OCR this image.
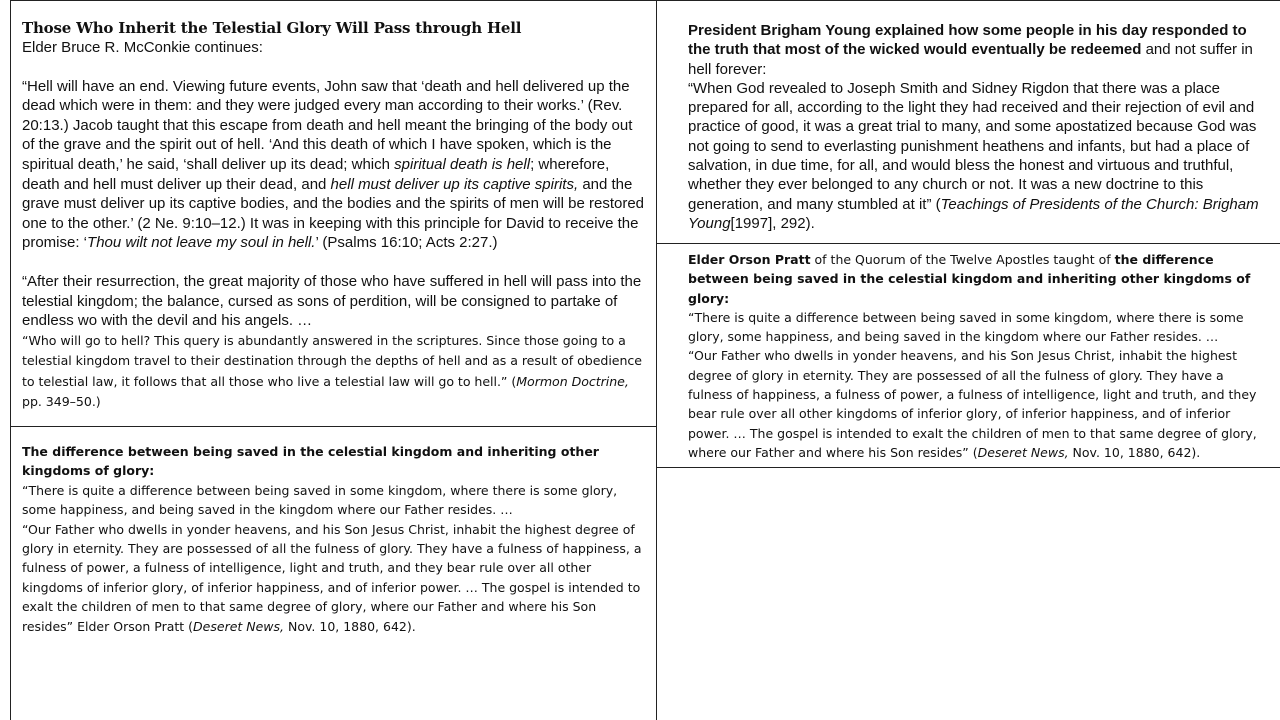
Those Who Inherit the Telestial Glory Will Pass through Hell

Elder Bruce R. McConkie continues:

“Hell will have an end. Viewing future events, John saw that ‘death and hell delivered up the dead which were in them: and they were judged every man according to their works.’ (Rev. 20:13.) Jacob taught that this escape from death and hell meant the bringing of the body out of the grave and the spirit out of hell. ‘And this death of which I have spoken, which is the spiritual death,’ he said, ‘shall deliver up its dead; which spiritual death is hell; wherefore, death and hell must deliver up their dead, and hell must deliver up its captive spirits, and the grave must deliver up its captive bodies, and the bodies and the spirits of men will be restored one to the other.’ (2 Ne. 9:10–12.) It was in keeping with this principle for David to receive the promise: ‘Thou wilt not leave my soul in hell.’ (Psalms 16:10; Acts 2:27.)

“After their resurrection, the great majority of those who have suffered in hell will pass into the telestial kingdom; the balance, cursed as sons of perdition, will be consigned to partake of endless wo with the devil and his angels. …

“Who will go to hell? This query is abundantly answered in the scriptures. Since those going to a telestial kingdom travel to their destination through the depths of hell and as a result of obedience to telestial law, it follows that all those who live a telestial law will go to hell.” (Mormon Doctrine, pp. 349–50.)

The difference between being saved in the celestial kingdom and inheriting other kingdoms of glory:

“There is quite a difference between being saved in some kingdom, where there is some glory, some happiness, and being saved in the kingdom where our Father resides. …

“Our Father who dwells in yonder heavens, and his Son Jesus Christ, inhabit the highest degree of glory in eternity. They are possessed of all the fulness of glory. They have a fulness of happiness, a fulness of power, a fulness of intelligence, light and truth, and they bear rule over all other kingdoms of inferior glory, of inferior happiness, and of inferior power. … The gospel is intended to exalt the children of men to that same degree of glory, where our Father and where his Son resides” Elder Orson Pratt (Deseret News, Nov. 10, 1880, 642).

President Brigham Young explained how some people in his day responded to the truth that most of the wicked would eventually be redeemed and not suffer in hell forever:

“When God revealed to Joseph Smith and Sidney Rigdon that there was a place prepared for all, according to the light they had received and their rejection of evil and practice of good, it was a great trial to many, and some apostatized because God was not going to send to everlasting punishment heathens and infants, but had a place of salvation, in due time, for all, and would bless the honest and virtuous and truthful, whether they ever belonged to any church or not. It was a new doctrine to this generation, and many stumbled at it” (Teachings of Presidents of the Church: Brigham Young[1997], 292).

Elder Orson Pratt of the Quorum of the Twelve Apostles taught of the difference between being saved in the celestial kingdom and inheriting other kingdoms of glory:

“There is quite a difference between being saved in some kingdom, where there is some glory, some happiness, and being saved in the kingdom where our Father resides. …

“Our Father who dwells in yonder heavens, and his Son Jesus Christ, inhabit the highest degree of glory in eternity. They are possessed of all the fulness of glory. They have a fulness of happiness, a fulness of power, a fulness of intelligence, light and truth, and they bear rule over all other kingdoms of inferior glory, of inferior happiness, and of inferior power. … The gospel is intended to exalt the children of men to that same degree of glory, where our Father and where his Son resides” (Deseret News, Nov. 10, 1880, 642).
